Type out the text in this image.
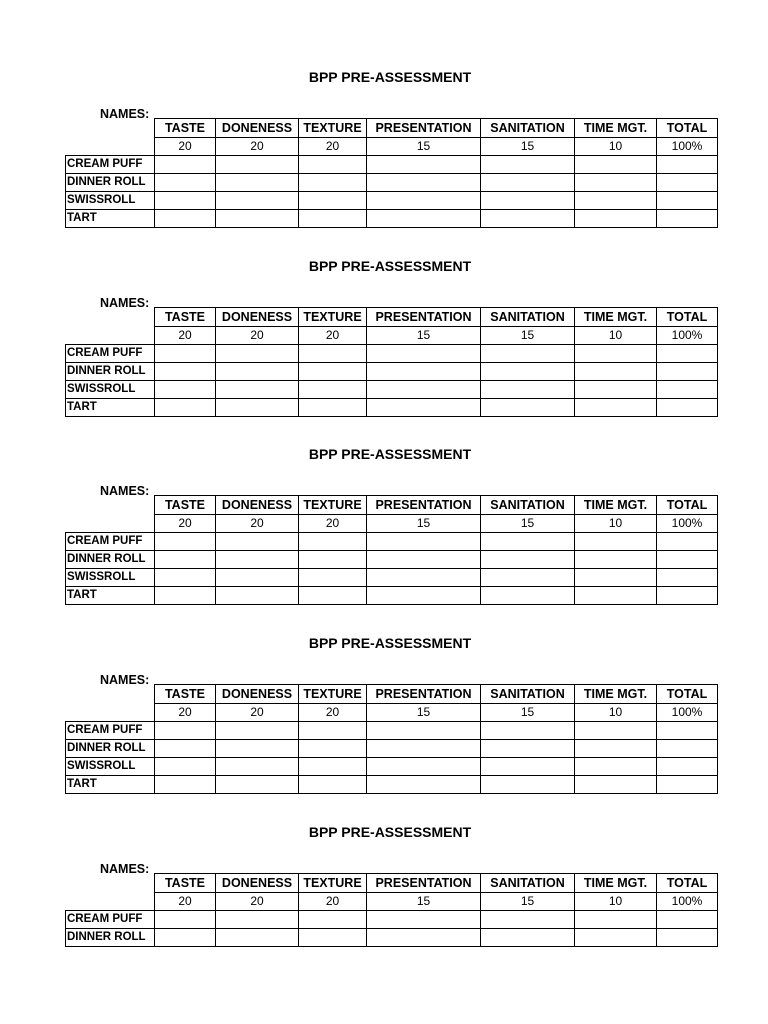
BPP PRE-ASSESSMENT
NAMES:
	TASTE	DONENESS	TEXTURE	PRESENTATION	SANITATION	TIME MGT.	TOTAL
	20	20	20	15	15	10	100%
CREAM PUFF							
DINNER ROLL							
SWISSROLL							
TART							
BPP PRE-ASSESSMENT
NAMES:
	TASTE	DONENESS	TEXTURE	PRESENTATION	SANITATION	TIME MGT.	TOTAL
	20	20	20	15	15	10	100%
CREAM PUFF							
DINNER ROLL							
SWISSROLL							
TART							
BPP PRE-ASSESSMENT
NAMES:
	TASTE	DONENESS	TEXTURE	PRESENTATION	SANITATION	TIME MGT.	TOTAL
	20	20	20	15	15	10	100%
CREAM PUFF							
DINNER ROLL							
SWISSROLL							
TART							
BPP PRE-ASSESSMENT
NAMES:
	TASTE	DONENESS	TEXTURE	PRESENTATION	SANITATION	TIME MGT.	TOTAL
	20	20	20	15	15	10	100%
CREAM PUFF							
DINNER ROLL							
SWISSROLL							
TART							
BPP PRE-ASSESSMENT
NAMES:
	TASTE	DONENESS	TEXTURE	PRESENTATION	SANITATION	TIME MGT.	TOTAL
	20	20	20	15	15	10	100%
CREAM PUFF							
DINNER ROLL							
